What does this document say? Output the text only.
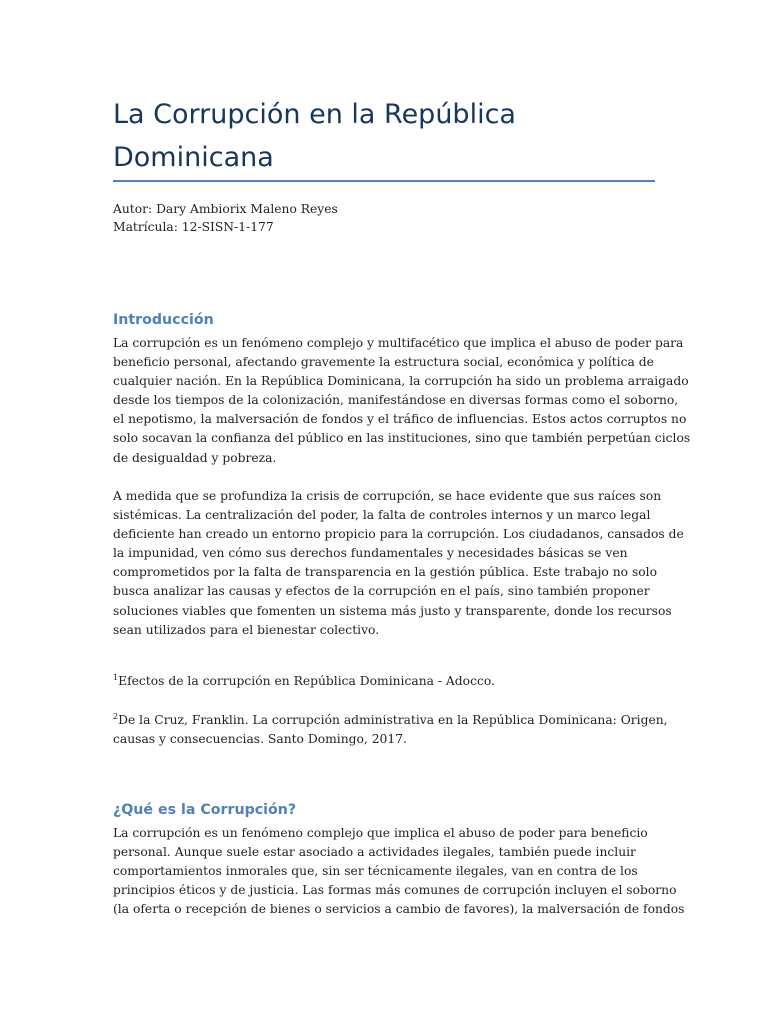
La Corrupción en la República
Dominicana
Autor: Dary Ambiorix Maleno Reyes
Matrícula: 12-SISN-1-177
Introducción
La corrupción es un fenómeno complejo y multifacético que implica el abuso de poder para
beneficio personal, afectando gravemente la estructura social, económica y política de
cualquier nación. En la República Dominicana, la corrupción ha sido un problema arraigado
desde los tiempos de la colonización, manifestándose en diversas formas como el soborno,
el nepotismo, la malversación de fondos y el tráfico de influencias. Estos actos corruptos no
solo socavan la confianza del público en las instituciones, sino que también perpetúan ciclos
de desigualdad y pobreza.
A medida que se profundiza la crisis de corrupción, se hace evidente que sus raíces son
sistémicas. La centralización del poder, la falta de controles internos y un marco legal
deficiente han creado un entorno propicio para la corrupción. Los ciudadanos, cansados de
la impunidad, ven cómo sus derechos fundamentales y necesidades básicas se ven
comprometidos por la falta de transparencia en la gestión pública. Este trabajo no solo
busca analizar las causas y efectos de la corrupción en el país, sino también proponer
soluciones viables que fomenten un sistema más justo y transparente, donde los recursos
sean utilizados para el bienestar colectivo.
$^1$Efectos de la corrupción en República Dominicana - Adocco.
$^2$De la Cruz, Franklin. La corrupción administrativa en la República Dominicana: Origen,
causas y consecuencias. Santo Domingo, 2017.
¿Qué es la Corrupción?
La corrupción es un fenómeno complejo que implica el abuso de poder para beneficio
personal. Aunque suele estar asociado a actividades ilegales, también puede incluir
comportamientos inmorales que, sin ser técnicamente ilegales, van en contra de los
principios éticos y de justicia. Las formas más comunes de corrupción incluyen el soborno
(la oferta o recepción de bienes o servicios a cambio de favores), la malversación de fondos
